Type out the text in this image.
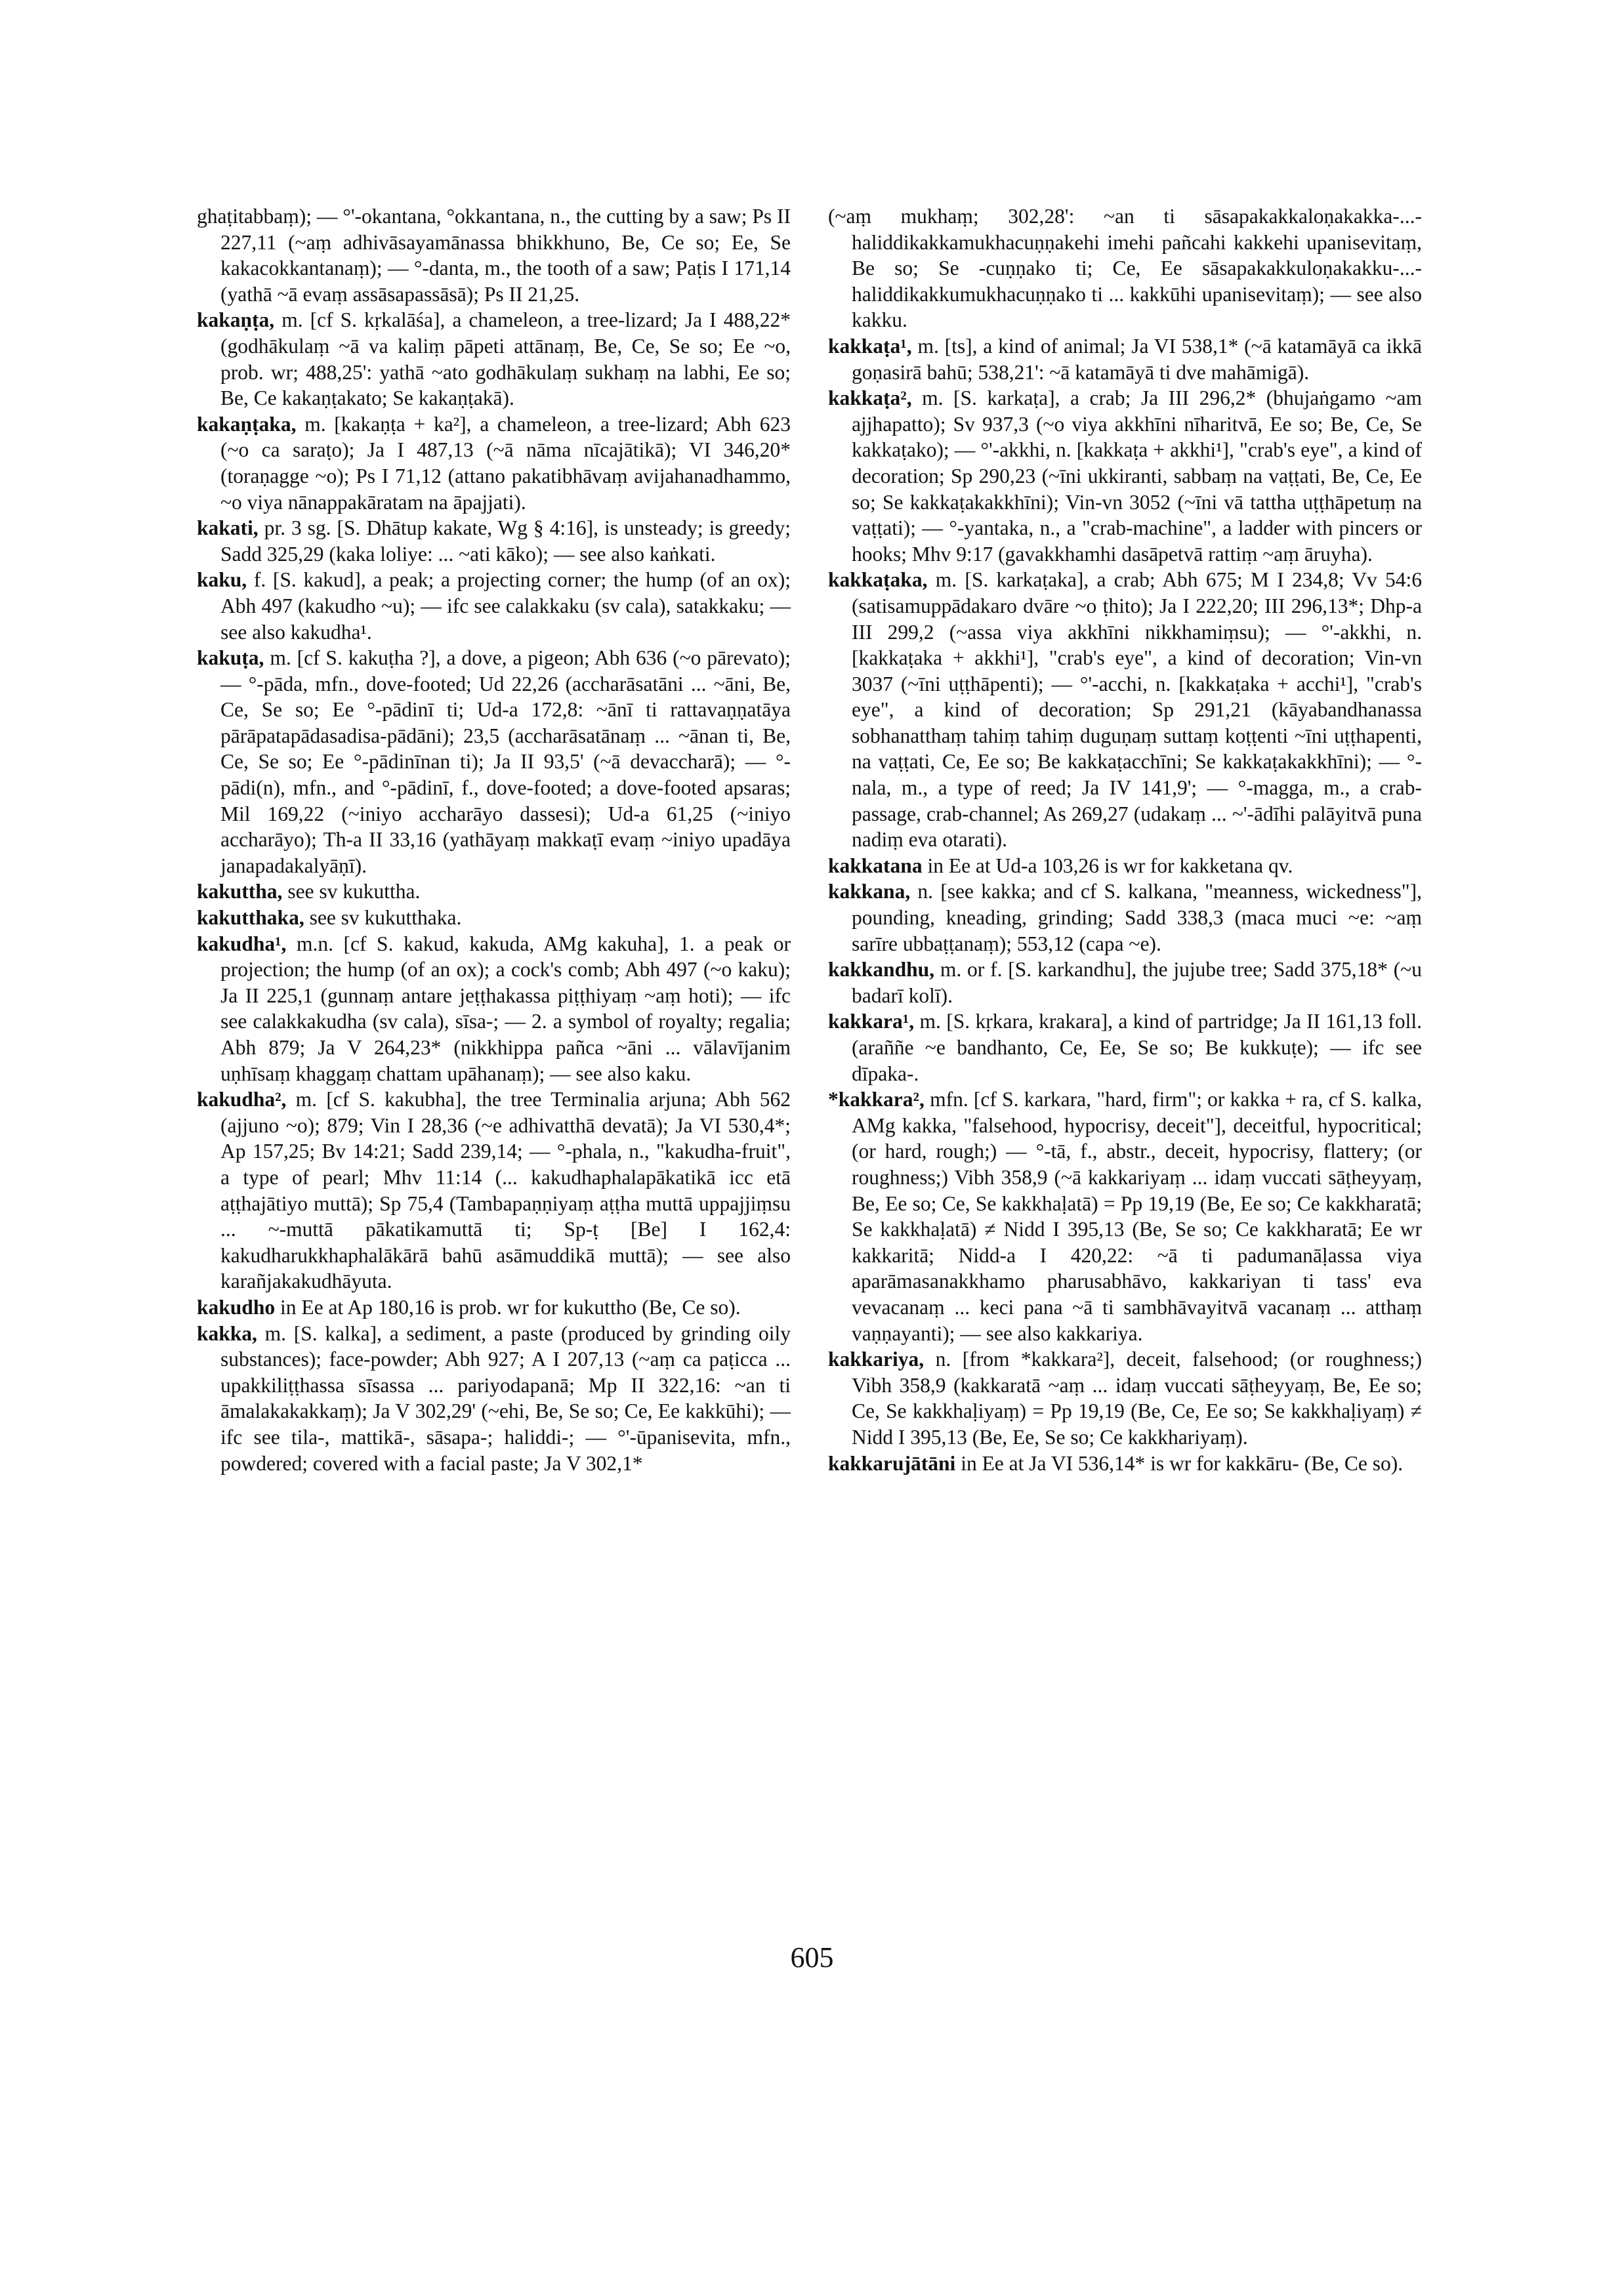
ghaṭitabbaṃ); — °'-okantana, °okkantana, n., the cutting by a saw; Ps II 227,11 (~aṃ adhivāsayamānassa bhikkhuno, Be, Ce so; Ee, Se kakacokkantanaṃ); — °-danta, m., the tooth of a saw; Paṭis I 171,14 (yathā ~ā evaṃ assāsapassāsā); Ps II 21,25.

kakaṇṭa, m. [cf S. kṛkalāśa], a chameleon, a tree-lizard; Ja I 488,22* (godhākulaṃ ~ā va kaliṃ pāpeti attānaṃ, Be, Ce, Se so; Ee ~o, prob. wr; 488,25': yathā ~ato godhākulaṃ sukhaṃ na labhi, Ee so; Be, Ce kakaṇṭakato; Se kakaṇṭakā).

kakaṇṭaka, m. [kakaṇṭa + ka²], a chameleon, a tree-lizard; Abh 623 (~o ca saraṭo); Ja I 487,13 (~ā nāma nīcajātikā); VI 346,20* (toraṇagge ~o); Ps I 71,12 (attano pakatibhāvaṃ avijahanadhammo, ~o viya nānappakāratam na āpajjati).

kakati, pr. 3 sg. [S. Dhātup kakate, Wg § 4:16], is unsteady; is greedy; Sadd 325,29 (kaka loliye: ... ~ati kāko); — see also kaṅkati.

kaku, f. [S. kakud], a peak; a projecting corner; the hump (of an ox); Abh 497 (kakudho ~u); — ifc see calakkaku (sv cala), satakkaku; — see also kakudha¹.

kakuṭa, m. [cf S. kakuṭha ?], a dove, a pigeon; Abh 636 (~o pārevato); — °-pāda, mfn., dove-footed; Ud 22,26 (accharāsatāni ... ~āni, Be, Ce, Se so; Ee °-pādinī ti; Ud-a 172,8: ~ānī ti rattavaṇṇatāya pārāpatapādasadisa-pādāni); 23,5 (accharāsatānaṃ ... ~ānan ti, Be, Ce, Se so; Ee °-pādinīnan ti); Ja II 93,5' (~ā devaccharā); — °-pādi(n), mfn., and °-pādinī, f., dove-footed; a dove-footed apsaras; Mil 169,22 (~iniyo accharāyo dassesi); Ud-a 61,25 (~iniyo accharāyo); Th-a II 33,16 (yathāyaṃ makkaṭī evaṃ ~iniyo upadāya janapadakalyāṇī).

kakuttha, see sv kukuttha.

kakutthaka, see sv kukutthaka.

kakudha¹, m.n. [cf S. kakud, kakuda, AMg kakuha], 1. a peak or projection; the hump (of an ox); a cock's comb; Abh 497 (~o kaku); Ja II 225,1 (gunnaṃ antare jeṭṭhakassa piṭṭhiyaṃ ~aṃ hoti); — ifc see calakkakudha (sv cala), sīsa-; — 2. a symbol of royalty; regalia; Abh 879; Ja V 264,23* (nikkhippa pañca ~āni ... vālavījanim uṇhīsaṃ khaggaṃ chattam upāhanaṃ); — see also kaku.

kakudha², m. [cf S. kakubha], the tree Terminalia arjuna; Abh 562 (ajjuno ~o); 879; Vin I 28,36 (~e adhivatthā devatā); Ja VI 530,4*; Ap 157,25; Bv 14:21; Sadd 239,14; — °-phala, n., "kakudha-fruit", a type of pearl; Mhv 11:14 (... kakudhaphalapākatikā icc etā aṭṭhajātiyo muttā); Sp 75,4 (Tambapaṇṇiyaṃ aṭṭha muttā uppajjiṃsu ... ~-muttā pākatikamuttā ti; Sp-ṭ [Be] I 162,4: kakudharukkhaphalākārā bahū asāmuddikā muttā); — see also karañjakakudhāyuta.

kakudho in Ee at Ap 180,16 is prob. wr for kukuttho (Be, Ce so).

kakka, m. [S. kalka], a sediment, a paste (produced by grinding oily substances); face-powder; Abh 927; A I 207,13 (~aṃ ca paṭicca ... upakkiliṭṭhassa sīsassa ... pariyodapanā; Mp II 322,16: ~an ti āmalakakakkaṃ); Ja V 302,29' (~ehi, Be, Se so; Ce, Ee kakkūhi); — ifc see tila-, mattikā-, sāsapa-; haliddi-; — °'-ūpanisevita, mfn., powdered; covered with a facial paste; Ja V 302,1*

(~aṃ mukhaṃ; 302,28': ~an ti sāsapakakkaloṇakakka-...-haliddikakkamukhacuṇṇakehi imehi pañcahi kakkehi upanisevitaṃ, Be so; Se -cuṇṇako ti; Ce, Ee sāsapakakkuloṇakakku-...-haliddikakkumukhacuṇṇako ti ... kakkūhi upanisevitaṃ); — see also kakku.

kakkaṭa¹, m. [ts], a kind of animal; Ja VI 538,1* (~ā katamāyā ca ikkā goṇasirā bahū; 538,21': ~ā katamāyā ti dve mahāmigā).

kakkaṭa², m. [S. karkaṭa], a crab; Ja III 296,2* (bhujaṅgamo ~am ajjhapatto); Sv 937,3 (~o viya akkhīni nīharitvā, Ee so; Be, Ce, Se kakkaṭako); — °'-akkhi, n. [kakkaṭa + akkhi¹], "crab's eye", a kind of decoration; Sp 290,23 (~īni ukkiranti, sabbaṃ na vaṭṭati, Be, Ce, Ee so; Se kakkaṭakakkhīni); Vin-vn 3052 (~īni vā tattha uṭṭhāpetuṃ na vaṭṭati); — °-yantaka, n., a "crab-machine", a ladder with pincers or hooks; Mhv 9:17 (gavakkhamhi dasāpetvā rattiṃ ~aṃ āruyha).

kakkaṭaka, m. [S. karkaṭaka], a crab; Abh 675; M I 234,8; Vv 54:6 (satisamuppādakaro dvāre ~o ṭhito); Ja I 222,20; III 296,13*; Dhp-a III 299,2 (~assa viya akkhīni nikkhamiṃsu); — °'-akkhi, n. [kakkaṭaka + akkhi¹], "crab's eye", a kind of decoration; Vin-vn 3037 (~īni uṭṭhāpenti); — °'-acchi, n. [kakkaṭaka + acchi¹], "crab's eye", a kind of decoration; Sp 291,21 (kāyabandhanassa sobhanatthaṃ tahiṃ tahiṃ duguṇaṃ suttaṃ koṭṭenti ~īni uṭṭhapenti, na vaṭṭati, Ce, Ee so; Be kakkaṭacchīni; Se kakkaṭakakkhīni); — °-nala, m., a type of reed; Ja IV 141,9'; — °-magga, m., a crab-passage, crab-channel; As 269,27 (udakaṃ ... ~'-ādīhi palāyitvā puna nadiṃ eva otarati).

kakkatana in Ee at Ud-a 103,26 is wr for kakketana qv.

kakkana, n. [see kakka; and cf S. kalkana, "meanness, wickedness"], pounding, kneading, grinding; Sadd 338,3 (maca muci ~e: ~aṃ sarīre ubbaṭṭanaṃ); 553,12 (capa ~e).

kakkandhu, m. or f. [S. karkandhu], the jujube tree; Sadd 375,18* (~u badarī kolī).

kakkara¹, m. [S. kṛkara, krakara], a kind of partridge; Ja II 161,13 foll. (araññe ~e bandhanto, Ce, Ee, Se so; Be kukkuṭe); — ifc see dīpaka-.

*kakkara², mfn. [cf S. karkara, "hard, firm"; or kakka + ra, cf S. kalka, AMg kakka, "falsehood, hypocrisy, deceit"], deceitful, hypocritical; (or hard, rough;) — °-tā, f., abstr., deceit, hypocrisy, flattery; (or roughness;) Vibh 358,9 (~ā kakkariyaṃ ... idaṃ vuccati sāṭheyyaṃ, Be, Ee so; Ce, Se kakkhaḷatā) = Pp 19,19 (Be, Ee so; Ce kakkharatā; Se kakkhaḷatā) ≠ Nidd I 395,13 (Be, Se so; Ce kakkharatā; Ee wr kakkaritā; Nidd-a I 420,22: ~ā ti padumanāḷassa viya aparāmasanakkhamo pharusabhāvo, kakkariyan ti tass' eva vevacanaṃ ... keci pana ~ā ti sambhāvayitvā vacanaṃ ... atthaṃ vaṇṇayanti); — see also kakkariya.

kakkariya, n. [from *kakkara²], deceit, falsehood; (or roughness;) Vibh 358,9 (kakkaratā ~aṃ ... idaṃ vuccati sāṭheyyaṃ, Be, Ee so; Ce, Se kakkhaḷiyaṃ) = Pp 19,19 (Be, Ce, Ee so; Se kakkhaḷiyaṃ) ≠ Nidd I 395,13 (Be, Ee, Se so; Ce kakkhariyaṃ).

kakkarujātāni in Ee at Ja VI 536,14* is wr for kakkāru- (Be, Ce so).

605
